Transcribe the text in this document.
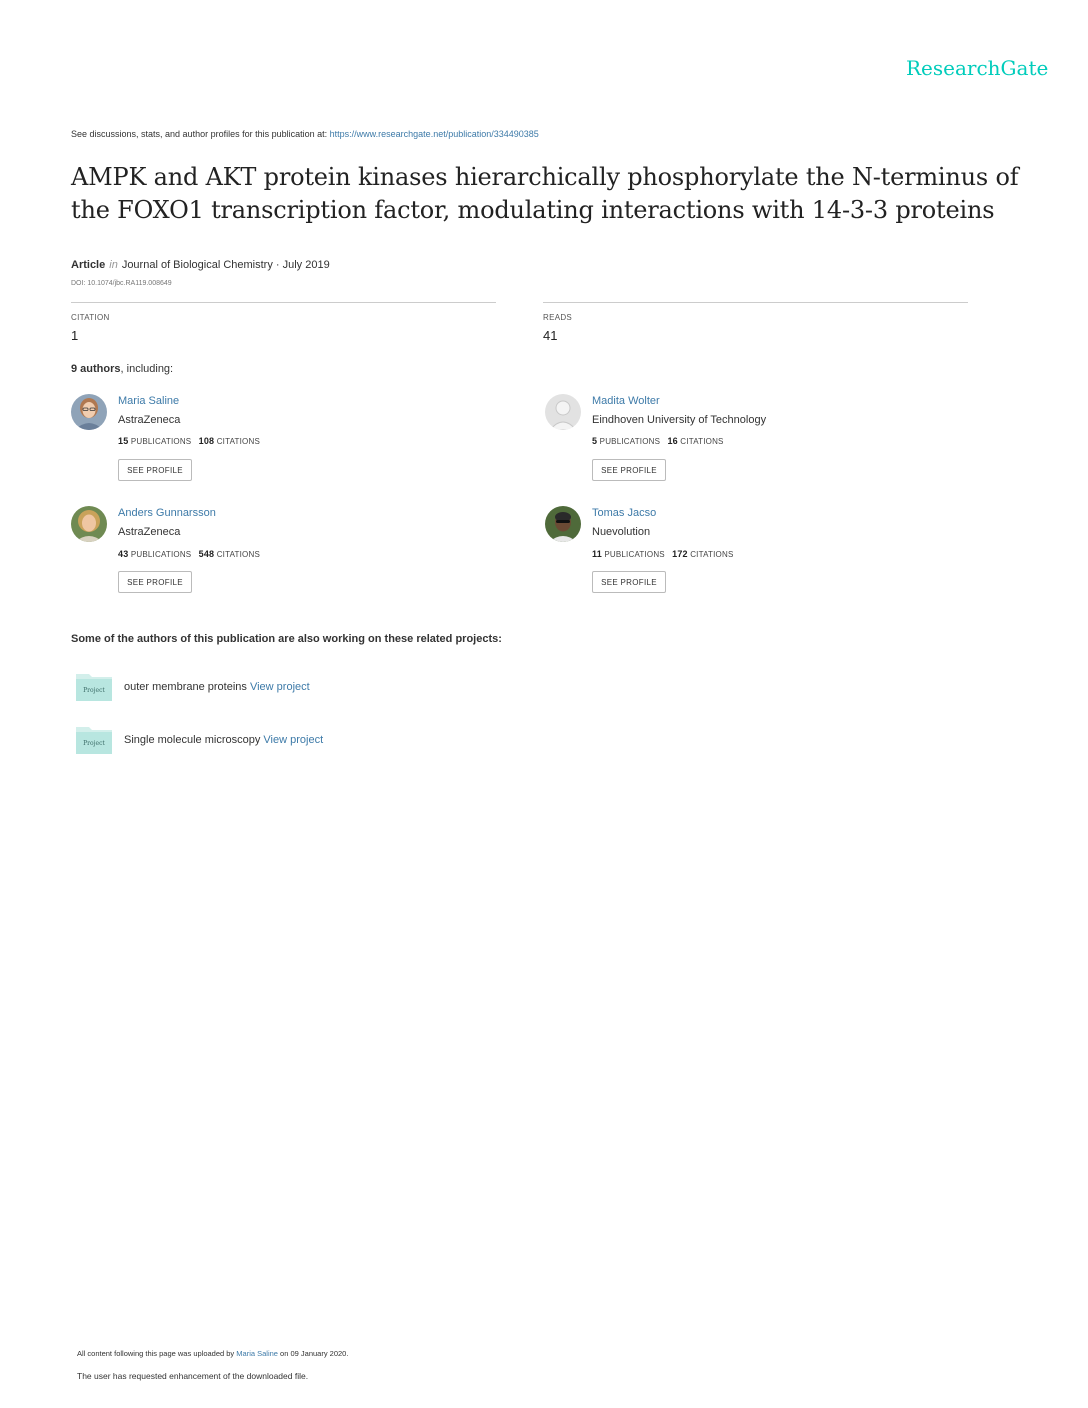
ResearchGate
See discussions, stats, and author profiles for this publication at: https://www.researchgate.net/publication/334490385
AMPK and AKT protein kinases hierarchically phosphorylate the N-terminus of the FOXO1 transcription factor, modulating interactions with 14-3-3 proteins
Article in Journal of Biological Chemistry · July 2019
DOI: 10.1074/jbc.RA119.008649
CITATION
1
READS
41
9 authors, including:
Maria Saline
AstraZeneca
15 PUBLICATIONS 108 CITATIONS
SEE PROFILE
Madita Wolter
Eindhoven University of Technology
5 PUBLICATIONS 16 CITATIONS
SEE PROFILE
Anders Gunnarsson
AstraZeneca
43 PUBLICATIONS 548 CITATIONS
SEE PROFILE
Tomas Jacso
Nuevolution
11 PUBLICATIONS 172 CITATIONS
SEE PROFILE
Some of the authors of this publication are also working on these related projects:
Project outer membrane proteins View project
Project Single molecule microscopy View project
All content following this page was uploaded by Maria Saline on 09 January 2020.
The user has requested enhancement of the downloaded file.
